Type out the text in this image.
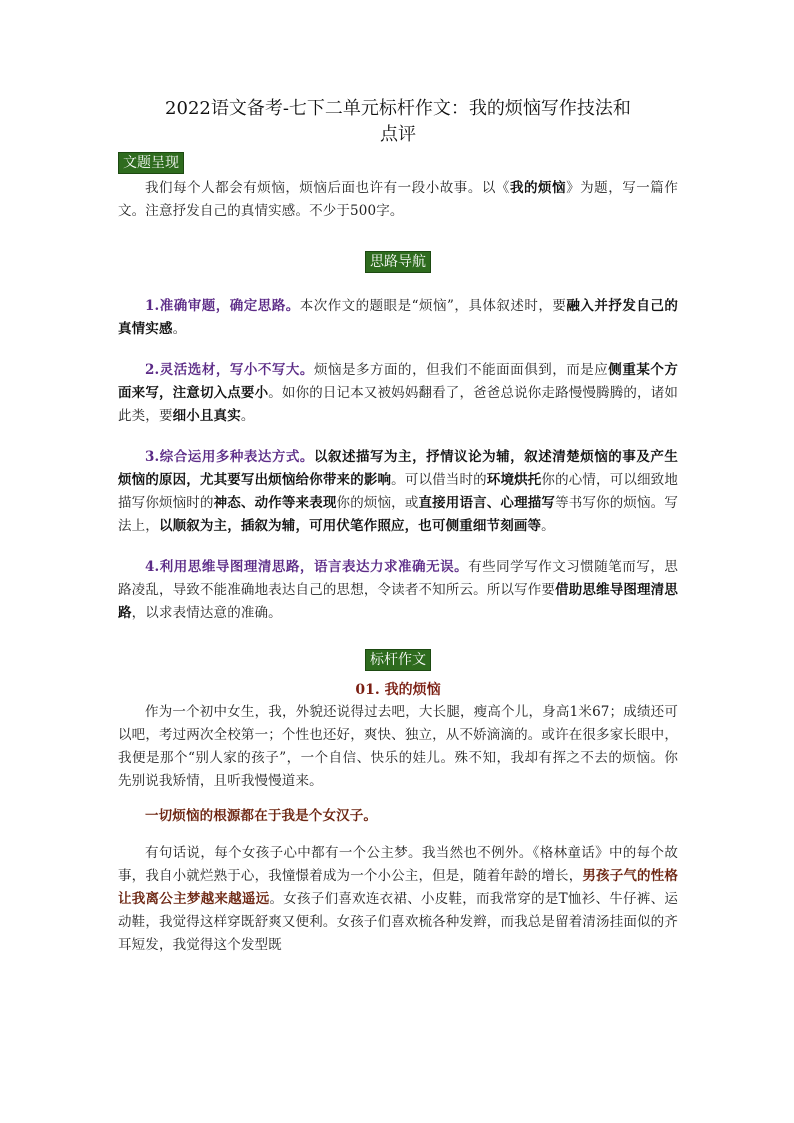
2022语文备考-七下二单元标杆作文：我的烦恼写作技法和
点评
文题呈现

我们每个人都会有烦恼，烦恼后面也许有一段小故事。以《我的烦恼》为题，写一篇作文。注意抒发自己的真情实感。不少于500字。

思路导航

1.准确审题，确定思路。本次作文的题眼是“烦恼”，具体叙述时，要融入并抒发自己的真情实感。

2.灵活选材，写小不写大。烦恼是多方面的，但我们不能面面俱到，而是应侧重某个方面来写，注意切入点要小。如你的日记本又被妈妈翻看了，爸爸总说你走路慢慢腾腾的，诸如此类，要细小且真实。

3.综合运用多种表达方式。以叙述描写为主，抒情议论为辅，叙述清楚烦恼的事及产生烦恼的原因，尤其要写出烦恼给你带来的影响。可以借当时的环境烘托你的心情，可以细致地描写你烦恼时的神态、动作等来表现你的烦恼，或直接用语言、心理描写等书写你的烦恼。写法上，以顺叙为主，插叙为辅，可用伏笔作照应，也可侧重细节刻画等。

4.利用思维导图理清思路，语言表达力求准确无误。有些同学写作文习惯随笔而写，思路凌乱，导致不能准确地表达自己的思想，令读者不知所云。所以写作要借助思维导图理清思路，以求表情达意的准确。

标杆作文
01. 我的烦恼

作为一个初中女生，我，外貌还说得过去吧，大长腿，瘦高个儿，身高1米67；成绩还可以吧，考过两次全校第一；个性也还好，爽快、独立，从不娇滴滴的。或许在很多家长眼中，我便是那个“别人家的孩子”，一个自信、快乐的娃儿。殊不知，我却有挥之不去的烦恼。你先别说我矫情，且听我慢慢道来。

一切烦恼的根源都在于我是个女汉子。

有句话说，每个女孩子心中都有一个公主梦。我当然也不例外。《格林童话》中的每个故事，我自小就烂熟于心，我憧憬着成为一个小公主，但是，随着年龄的增长，男孩子气的性格让我离公主梦越来越遥远。女孩子们喜欢连衣裙、小皮鞋，而我常穿的是T恤衫、牛仔裤、运动鞋，我觉得这样穿既舒爽又便利。女孩子们喜欢梳各种发辫，而我总是留着清汤挂面似的齐耳短发，我觉得这个发型既
